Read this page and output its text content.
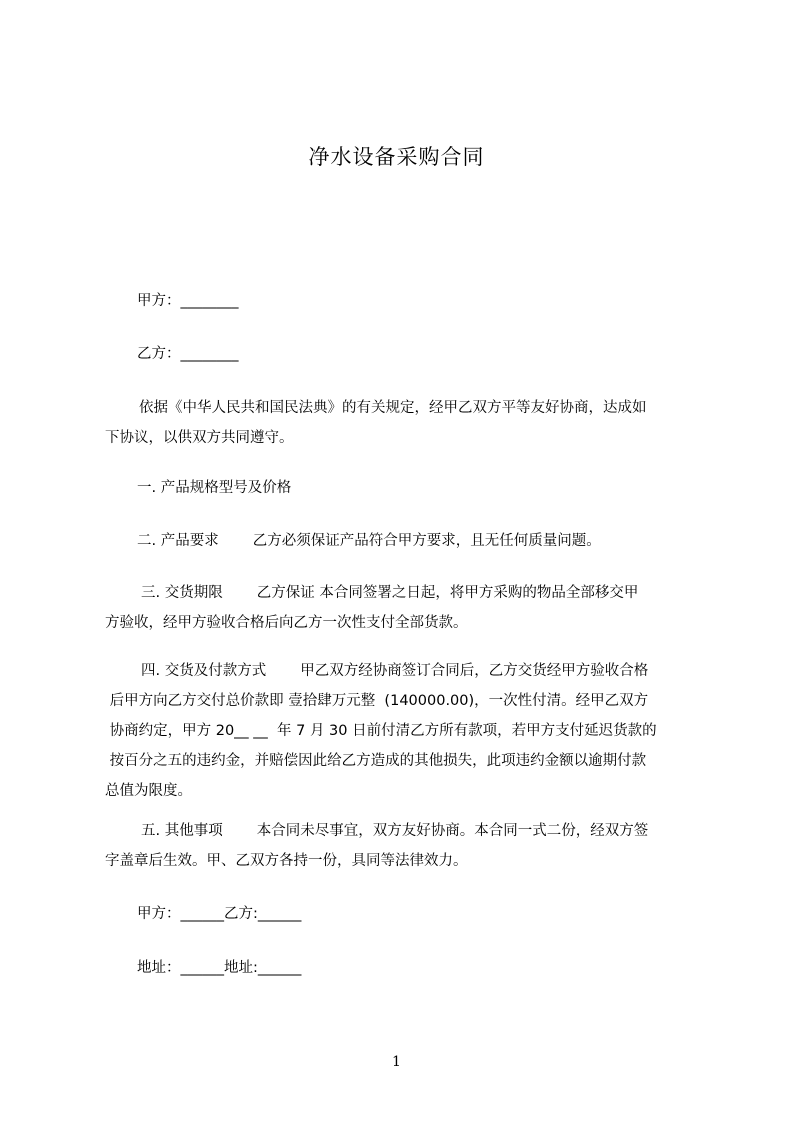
净水设备采购合同
甲方：________
乙方：________
依据《中华人民共和国民法典》的有关规定，经甲乙双方平等友好协商，达成如
下协议，以供双方共同遵守。
一. 产品规格型号及价格
二. 产品要求 乙方必须保证产品符合甲方要求，且无任何质量问题。
三. 交货期限 乙方保证 本合同签署之日起，将甲方采购的物品全部移交甲
方验收，经甲方验收合格后向乙方一次性支付全部货款。
四. 交货及付款方式 甲乙双方经协商签订合同后，乙方交货经甲方验收合格
后甲方向乙方交付总价款即 壹拾肆万元整  (140000.00)，一次性付清。经甲乙双方
协商约定，甲方 20__ __  年 7 月 30 日前付清乙方所有款项，若甲方支付延迟货款的
按百分之五的违约金，并赔偿因此给乙方造成的其他损失，此项违约金额以逾期付款
总值为限度。
五. 其他事项 本合同未尽事宜，双方友好协商。本合同一式二份，经双方签
字盖章后生效。甲、乙双方各持一份，具同等法律效力。
甲方：______乙方:______
地址：______地址:______
1
